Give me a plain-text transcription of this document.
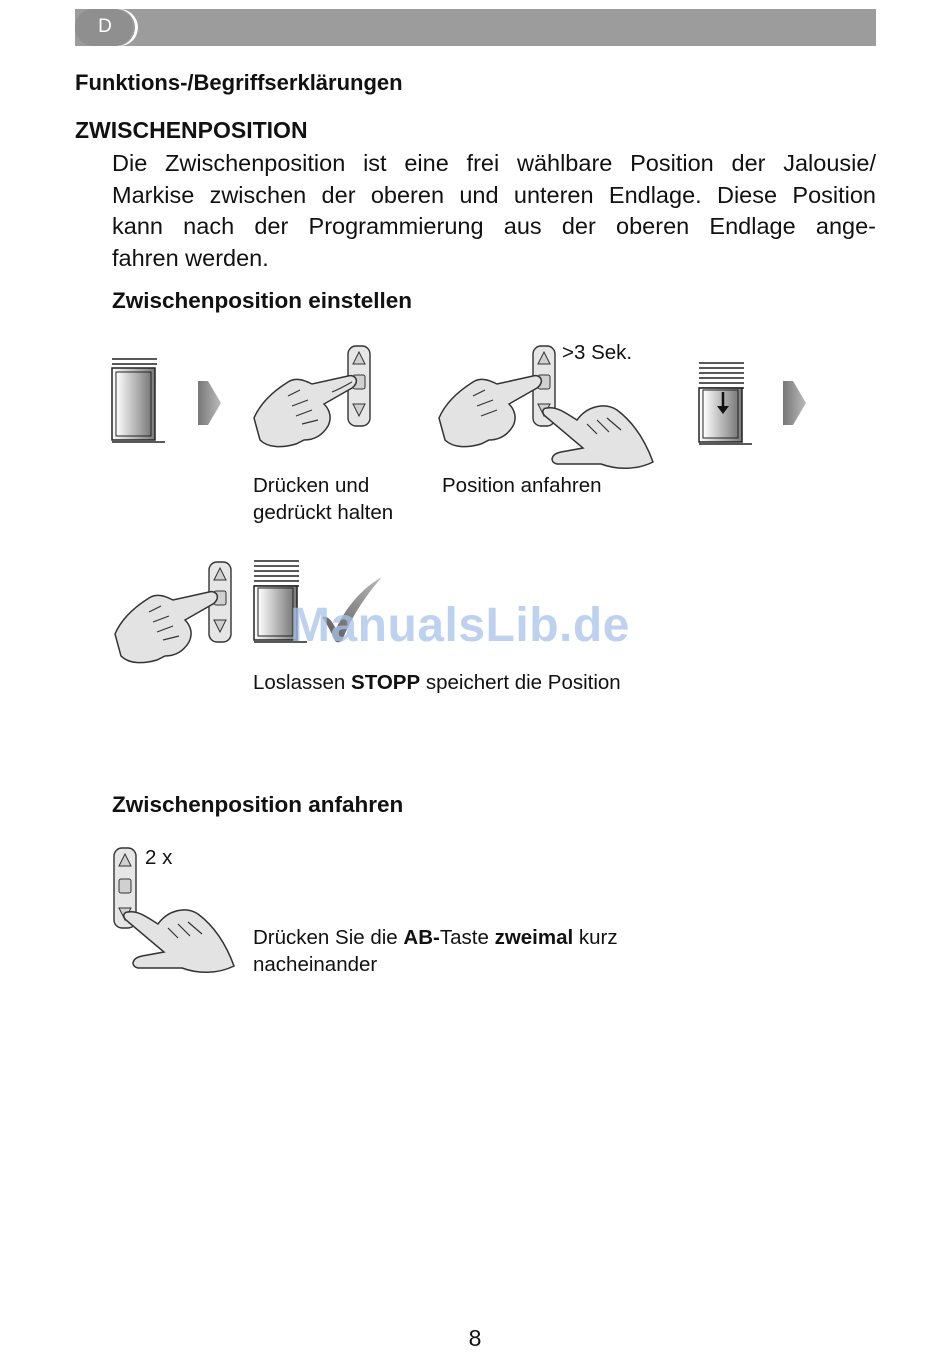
D
Funktions-/Begriffserklärungen
ZWISCHENPOSITION
Die Zwischenposition ist eine frei wählbare Position der Jalousie/
Markise zwischen der oberen und unteren Endlage. Diese Position
kann nach der Programmierung aus der oberen Endlage ange-
fahren werden.
Zwischenposition einstellen
>3 Sek.
Drücken und
gedrückt halten
Position anfahren
ManualsLib.de
Loslassen STOPP speichert die Position
Zwischenposition anfahren
2 x
Drücken Sie die AB-Taste zweimal kurz
nacheinander
8
